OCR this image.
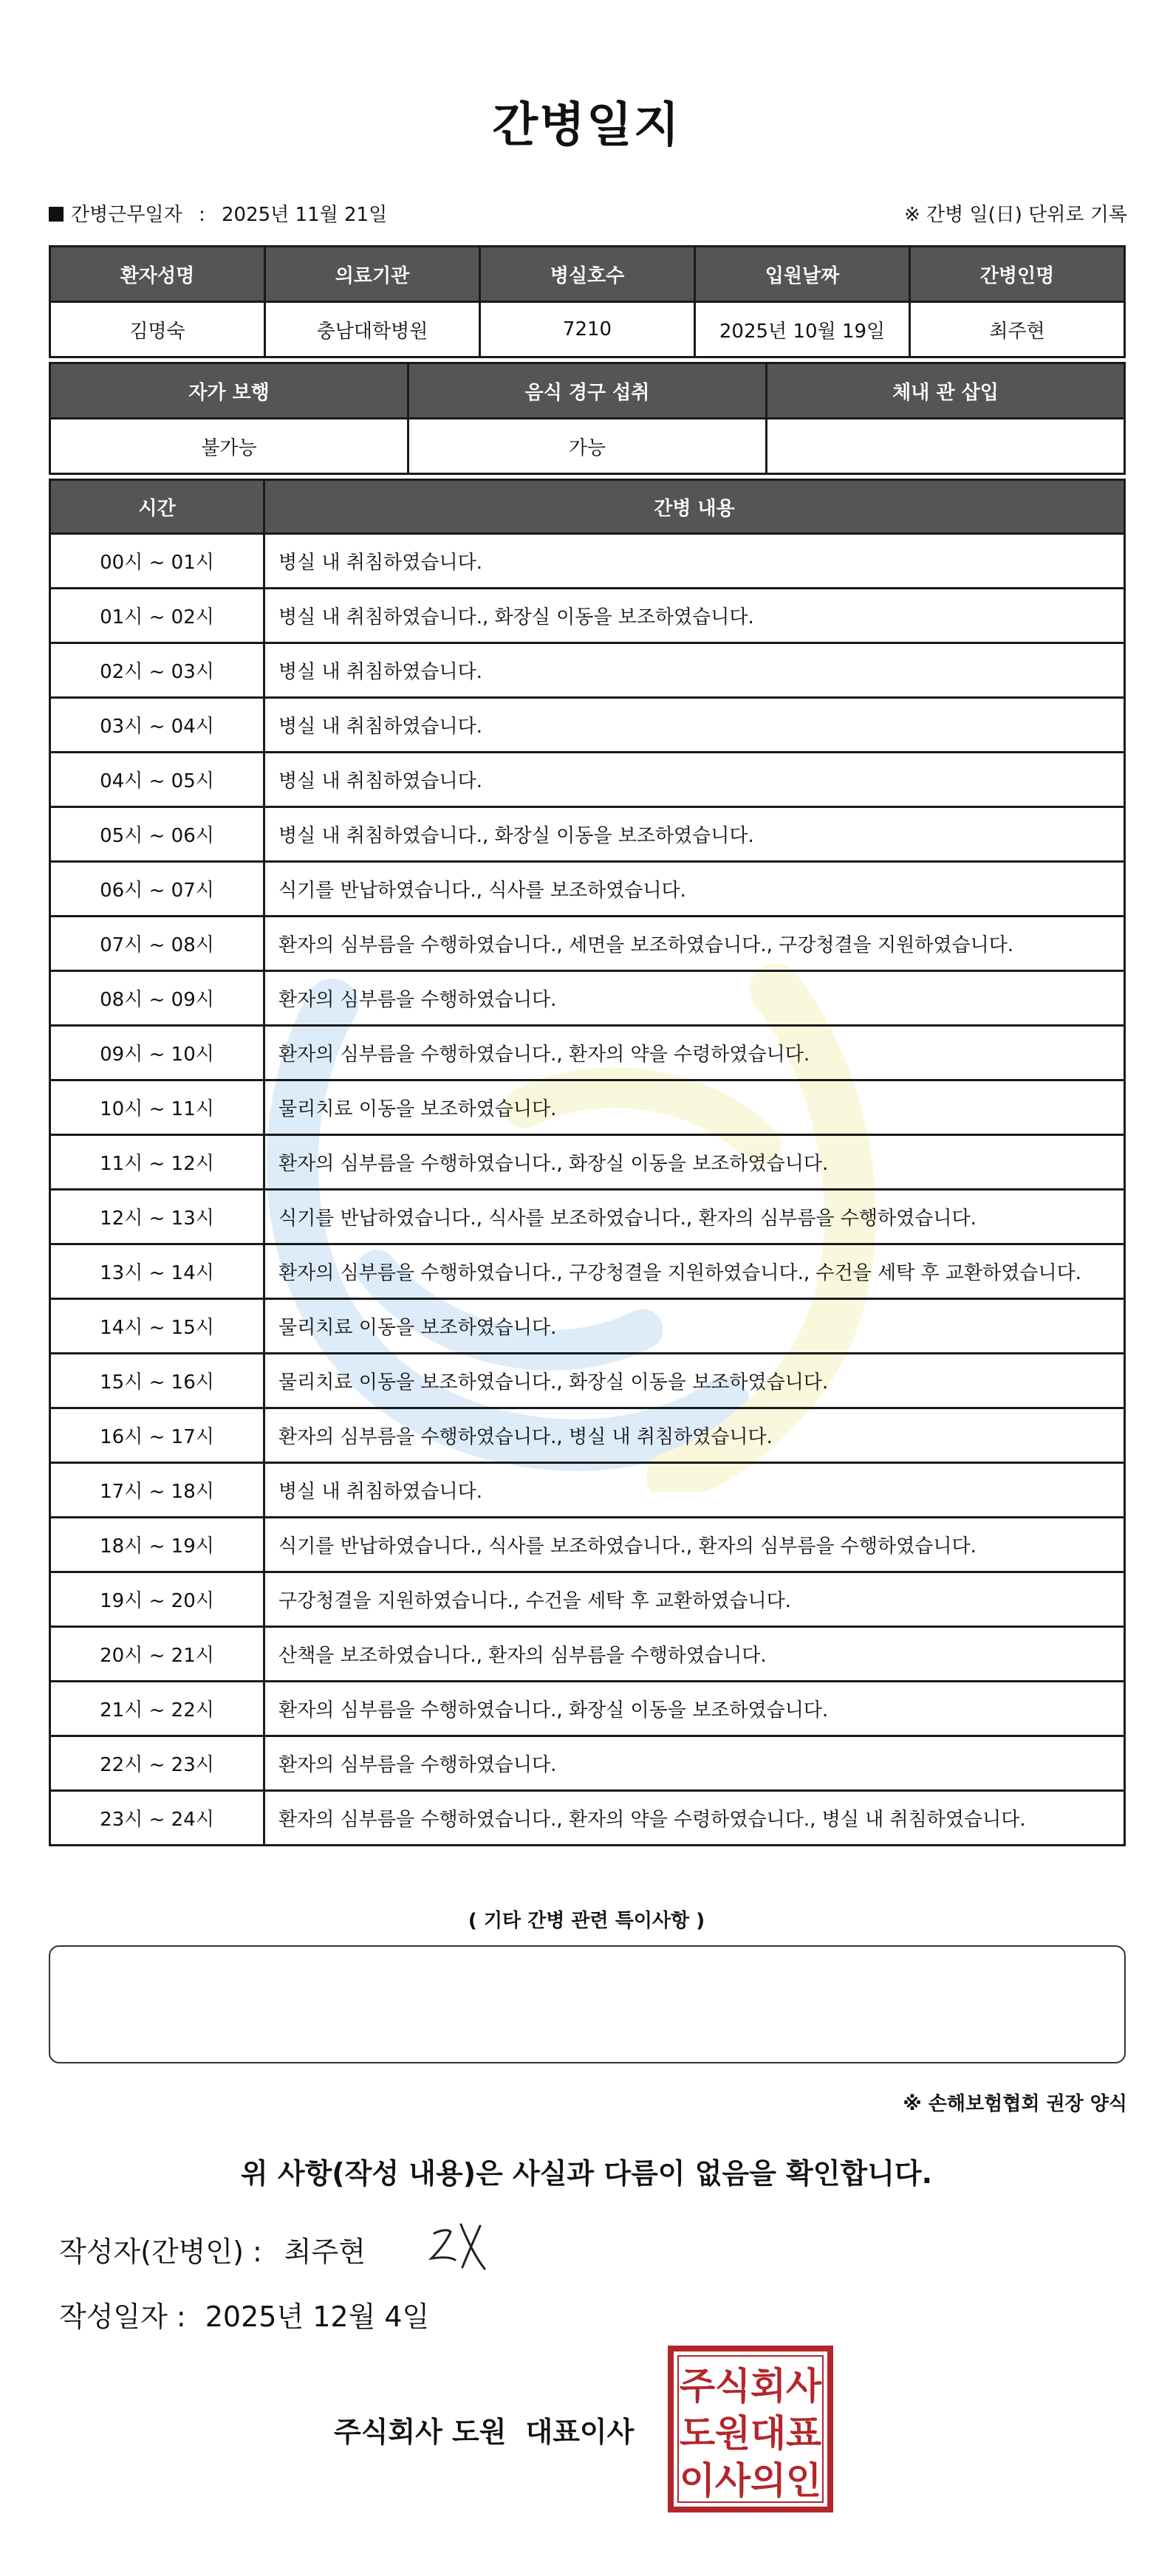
간병일지
간병근무일자 : 2025년 11월 21일	※ 간병 일(日) 단위로 기록
환자성명	의료기관	병실호수	입원날짜	간병인명
김명숙	충남대학병원	7210	2025년 10월 19일	최주현
자가 보행	음식 경구 섭취	체내 관 삽입
불가능	가능	
시간	간병 내용
00시 ~ 01시	병실 내 취침하였습니다.
01시 ~ 02시	병실 내 취침하였습니다., 화장실 이동을 보조하였습니다.
02시 ~ 03시	병실 내 취침하였습니다.
03시 ~ 04시	병실 내 취침하였습니다.
04시 ~ 05시	병실 내 취침하였습니다.
05시 ~ 06시	병실 내 취침하였습니다., 화장실 이동을 보조하였습니다.
06시 ~ 07시	식기를 반납하였습니다., 식사를 보조하였습니다.
07시 ~ 08시	환자의 심부름을 수행하였습니다., 세면을 보조하였습니다., 구강청결을 지원하였습니다.
08시 ~ 09시	환자의 심부름을 수행하였습니다.
09시 ~ 10시	환자의 심부름을 수행하였습니다., 환자의 약을 수령하였습니다.
10시 ~ 11시	물리치료 이동을 보조하였습니다.
11시 ~ 12시	환자의 심부름을 수행하였습니다., 화장실 이동을 보조하였습니다.
12시 ~ 13시	식기를 반납하였습니다., 식사를 보조하였습니다., 환자의 심부름을 수행하였습니다.
13시 ~ 14시	환자의 심부름을 수행하였습니다., 구강청결을 지원하였습니다., 수건을 세탁 후 교환하였습니다.
14시 ~ 15시	물리치료 이동을 보조하였습니다.
15시 ~ 16시	물리치료 이동을 보조하였습니다., 화장실 이동을 보조하였습니다.
16시 ~ 17시	환자의 심부름을 수행하였습니다., 병실 내 취침하였습니다.
17시 ~ 18시	병실 내 취침하였습니다.
18시 ~ 19시	식기를 반납하였습니다., 식사를 보조하였습니다., 환자의 심부름을 수행하였습니다.
19시 ~ 20시	구강청결을 지원하였습니다., 수건을 세탁 후 교환하였습니다.
20시 ~ 21시	산책을 보조하였습니다., 환자의 심부름을 수행하였습니다.
21시 ~ 22시	환자의 심부름을 수행하였습니다., 화장실 이동을 보조하였습니다.
22시 ~ 23시	환자의 심부름을 수행하였습니다.
23시 ~ 24시	환자의 심부름을 수행하였습니다., 환자의 약을 수령하였습니다., 병실 내 취침하였습니다.
( 기타 간병 관련 특이사항 )
※ 손해보험협회 권장 양식
위 사항(작성 내용)은 사실과 다름이 없음을 확인합니다.
작성자(간병인) : 최주현
작성일자 : 2025년 12월 4일
주식회사 도원 대표이사
주 식 회 사
도 원 대 표
이 사 의 인
